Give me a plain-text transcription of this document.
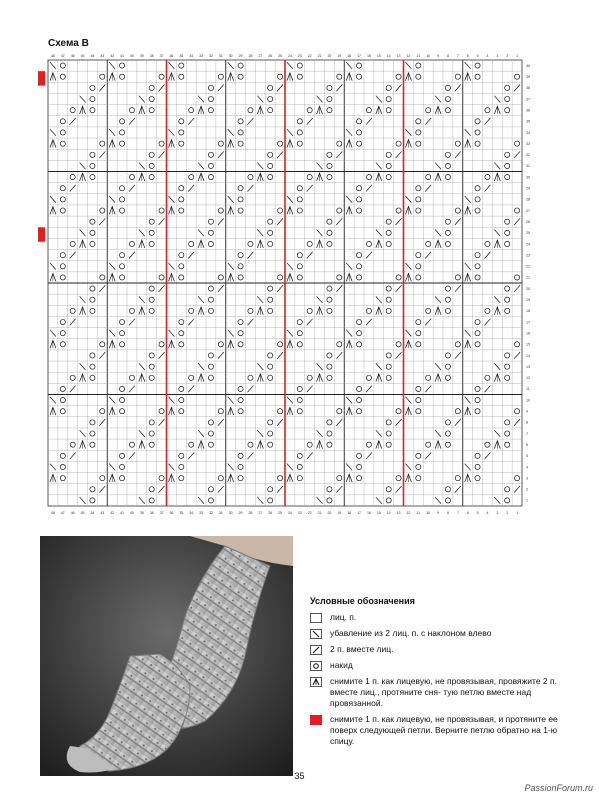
Схема В
48
48
47
47
46
46
45
45
44
44
43
43
42
42
41
41
40
40
39
39
38
38
37
37
36
36
35
35
34
34
33
33
32
32
31
31
30
30
29
29
28
28
27
27
26
26
25
25
24
24
23
23
22
22
21
21
20
20
19
19
18
18
17
17
16
16
15
15
14
14
13
13
12
12
11
11
10
10
9
9
8
8
7
7
6
6
5
5
4
4
3
3
2
2
1
1
40
39
38
37
36
35
34
33
32
31
30
29
28
27
26
25
24
23
22
21
20
19
18
17
16
15
14
13
12
11
10
9
8
7
6
5
4
3
2
1
Условные обозначения
лиц. п.
убавление из 2 лиц. п. с наклоном влево
2 п. вместе лиц.
накид
снимите 1 п. как лицевую, не провязывая, провяжите 2 п. вместе лиц., протяните сня- тую петлю вместе над провязанной.
снимите 1 п. как лицевую, не провязывая, и протяните ее поверх следующей петли. Верните петлю обратно на 1-ю спицу.
35
PassionForum.ru
